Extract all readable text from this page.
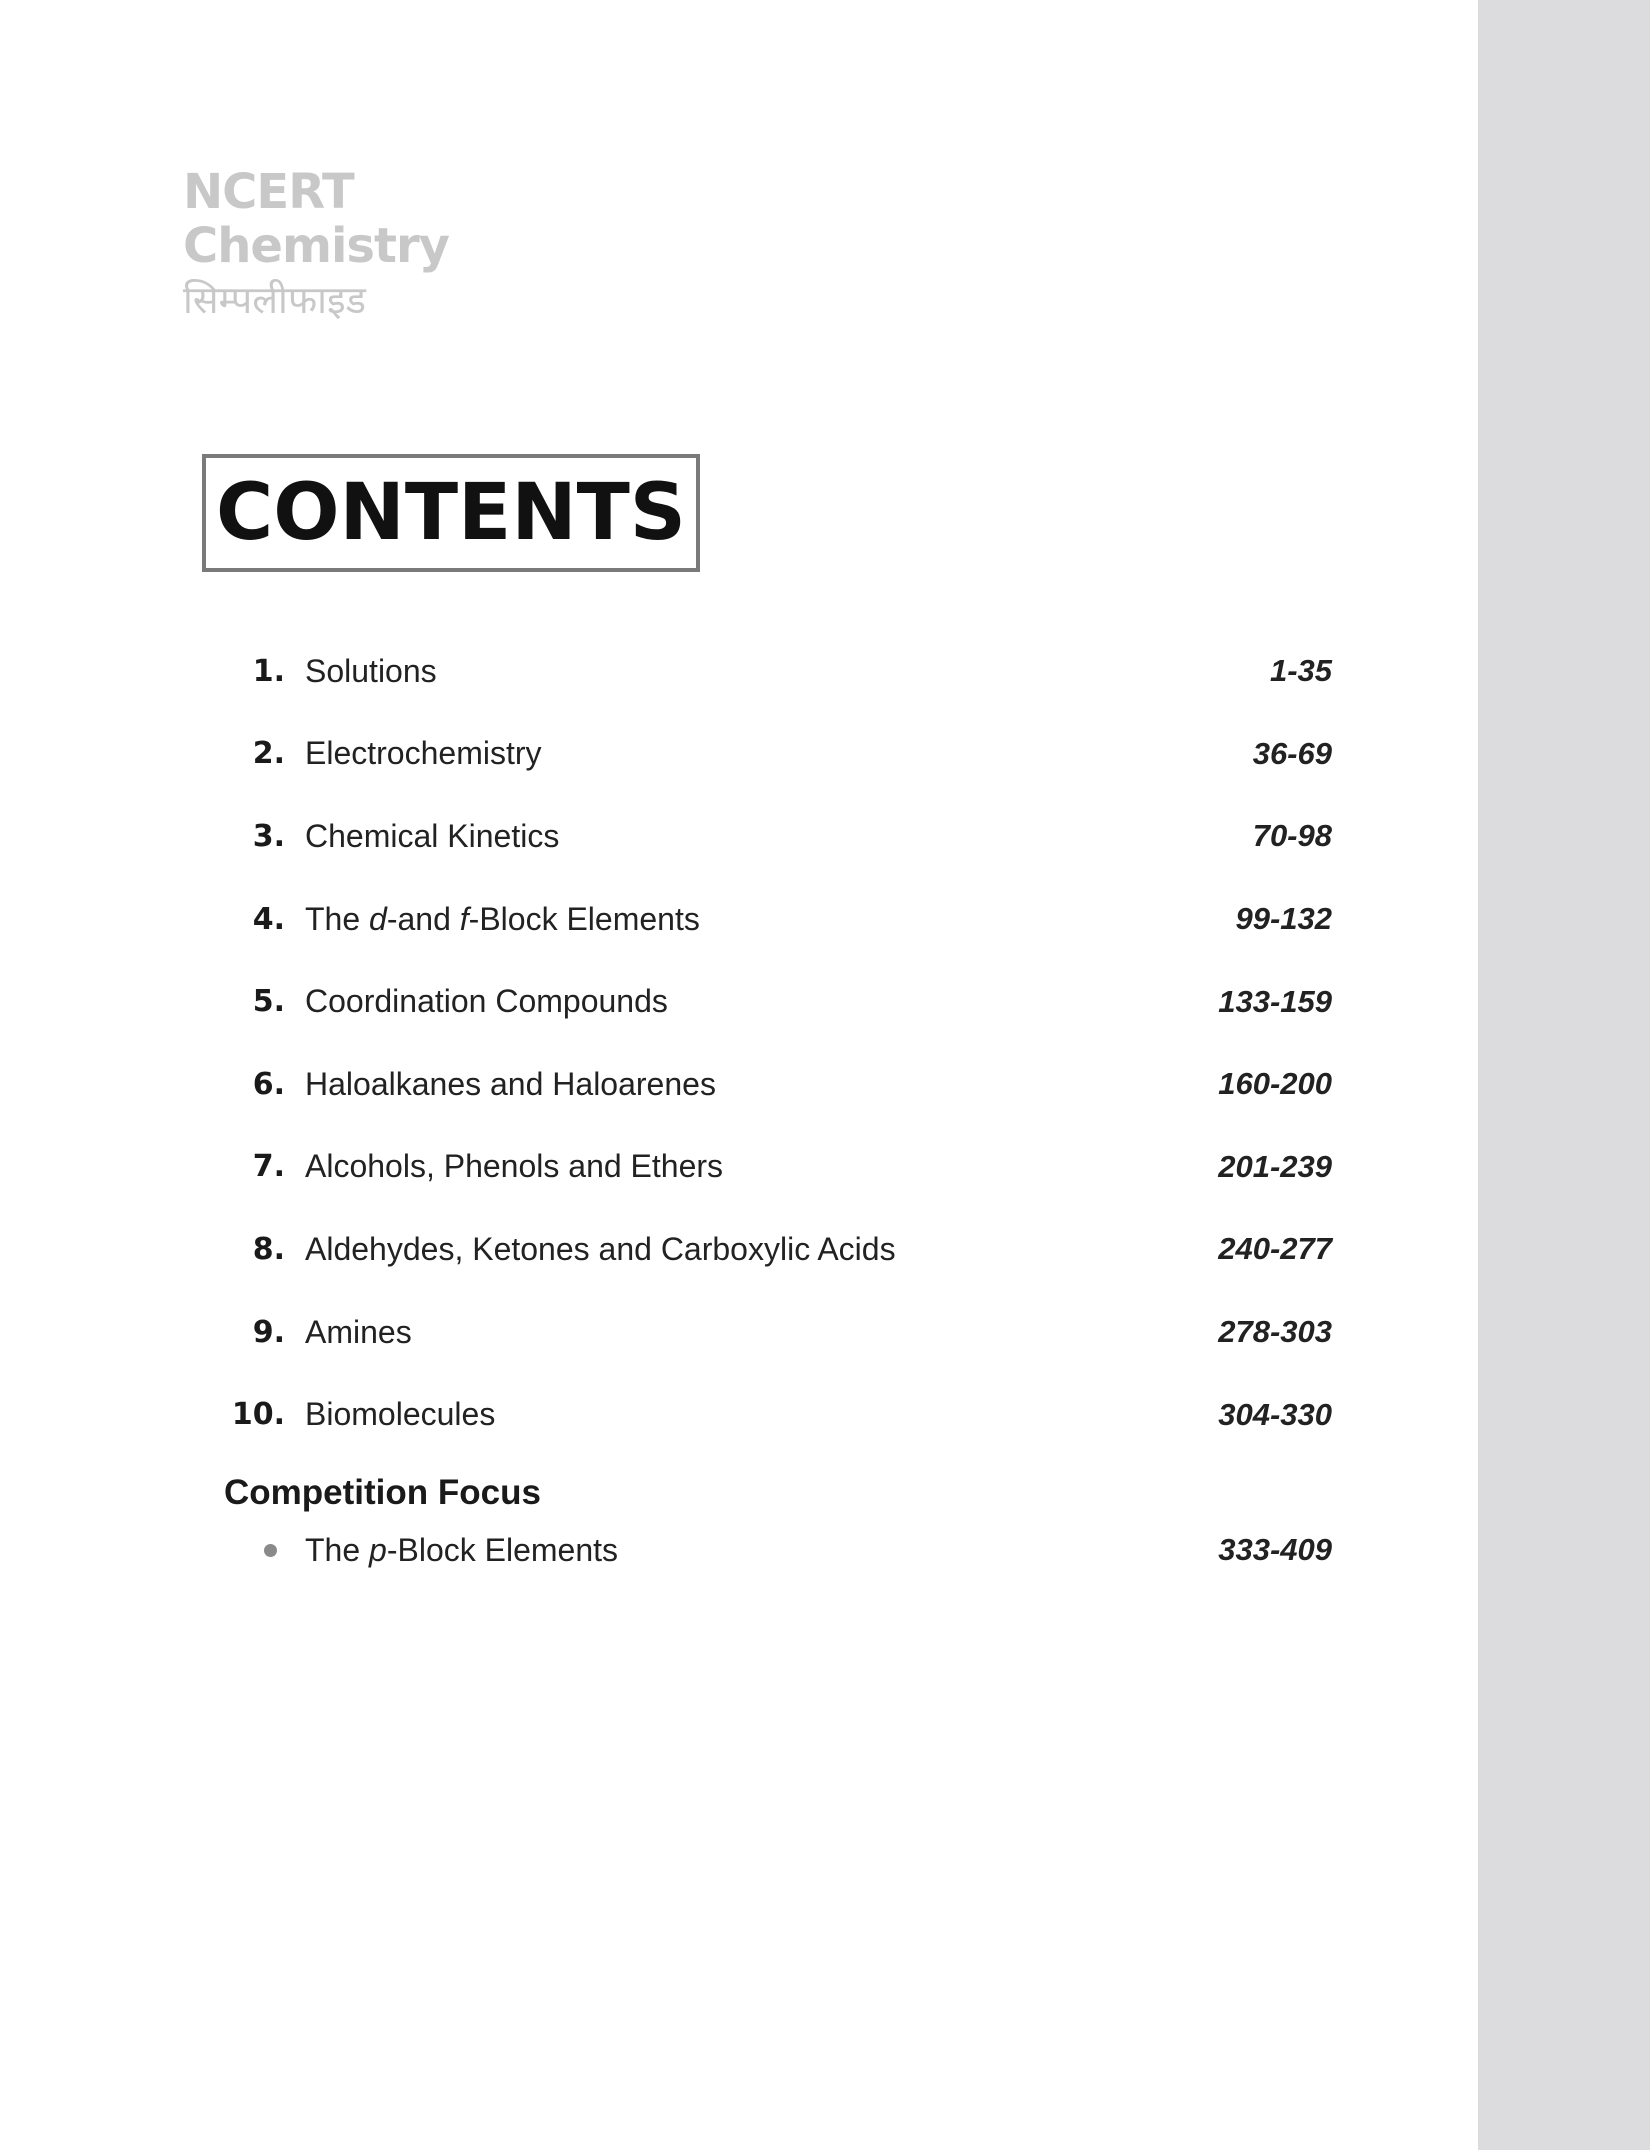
NCERT
Chemistry
सिम्पलीफाइड
CONTENTS
1. Solutions	1-35
2. Electrochemistry	36-69
3. Chemical Kinetics	70-98
4. The d-and f-Block Elements	99-132
5. Coordination Compounds	133-159
6. Haloalkanes and Haloarenes	160-200
7. Alcohols, Phenols and Ethers	201-239
8. Aldehydes, Ketones and Carboxylic Acids	240-277
9. Amines	278-303
10. Biomolecules	304-330
Competition Focus
The p-Block Elements	333-409
